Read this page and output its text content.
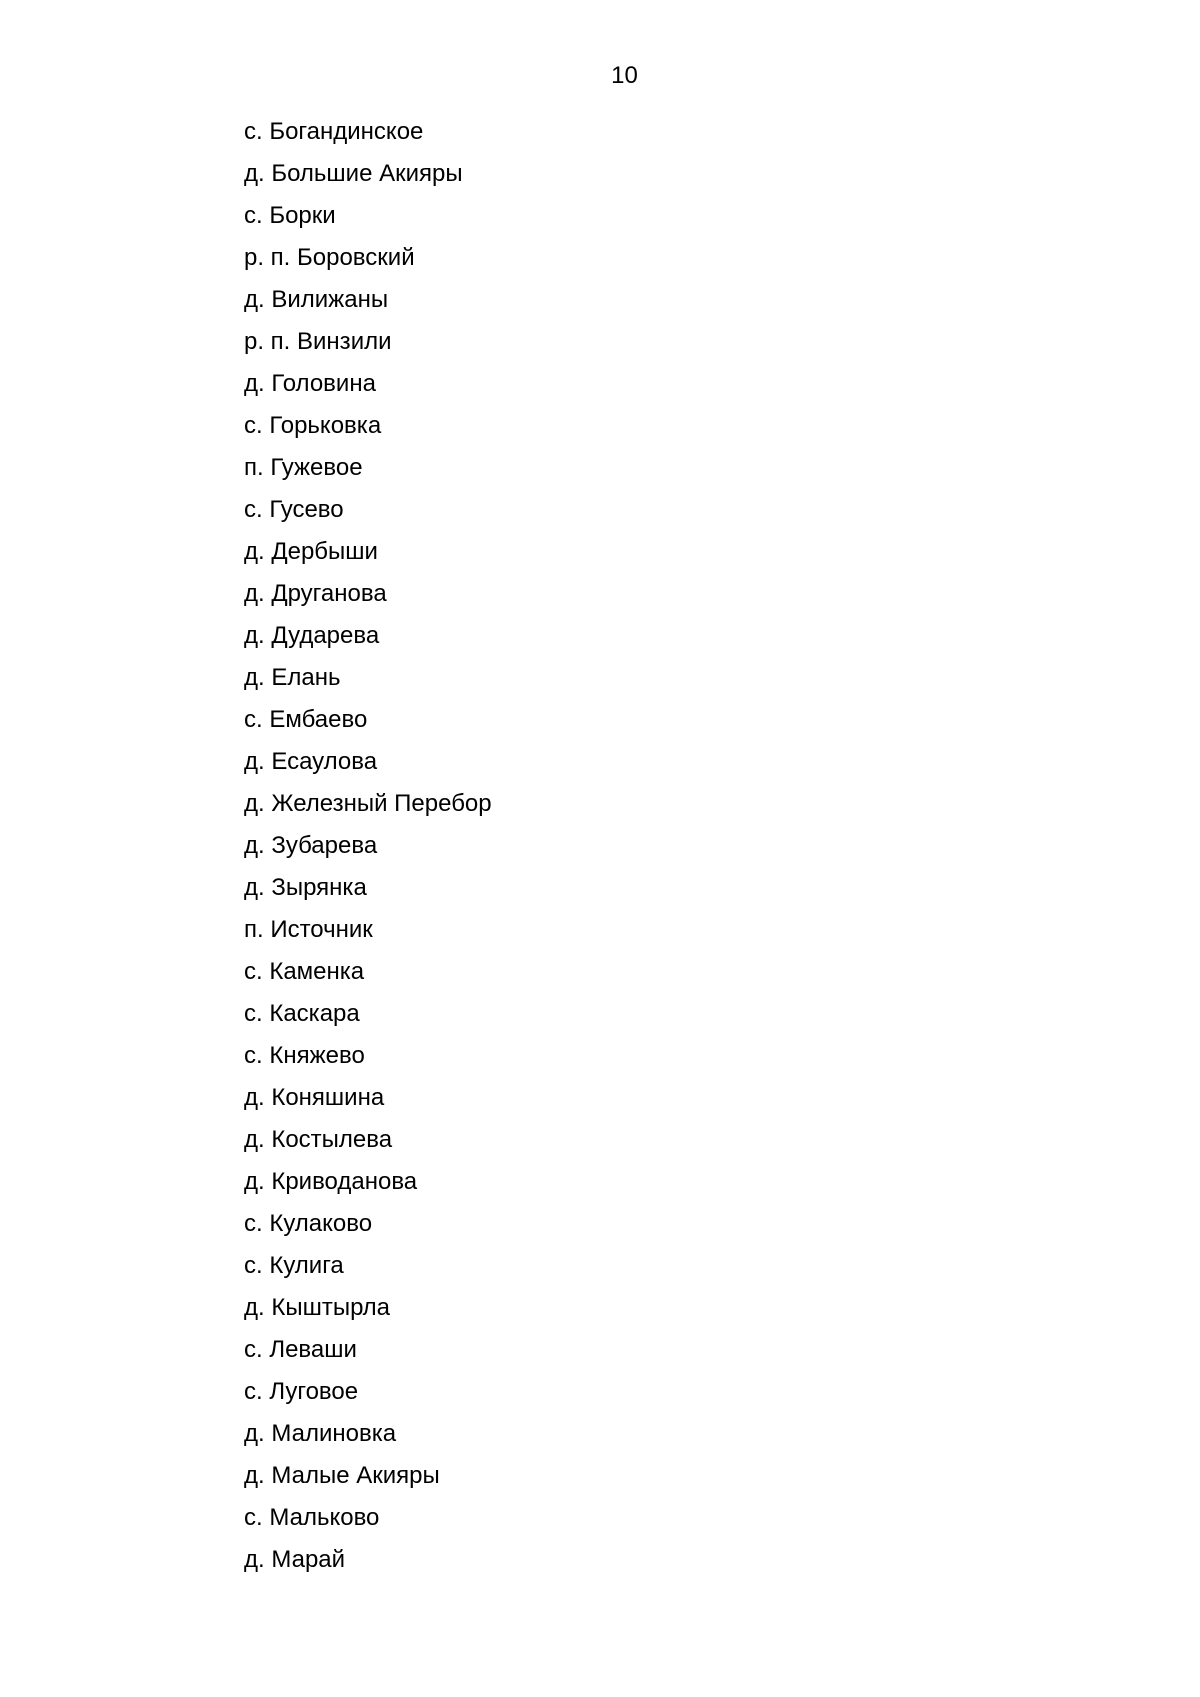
10
с. Богандинское
д. Большие Акияры
с. Борки
р. п. Боровский
д. Вилижаны
р. п. Винзили
д. Головина
с. Горьковка
п. Гужевое
с. Гусево
д. Дербыши
д. Друганова
д. Дударева
д. Елань
с. Ембаево
д. Есаулова
д. Железный Перебор
д. Зубарева
д. Зырянка
п. Источник
с. Каменка
с. Каскара
с. Княжево
д. Коняшина
д. Костылева
д. Криводанова
с. Кулаково
с. Кулига
д. Кыштырла
с. Леваши
с. Луговое
д. Малиновка
д. Малые Акияры
с. Мальково
д. Марай
